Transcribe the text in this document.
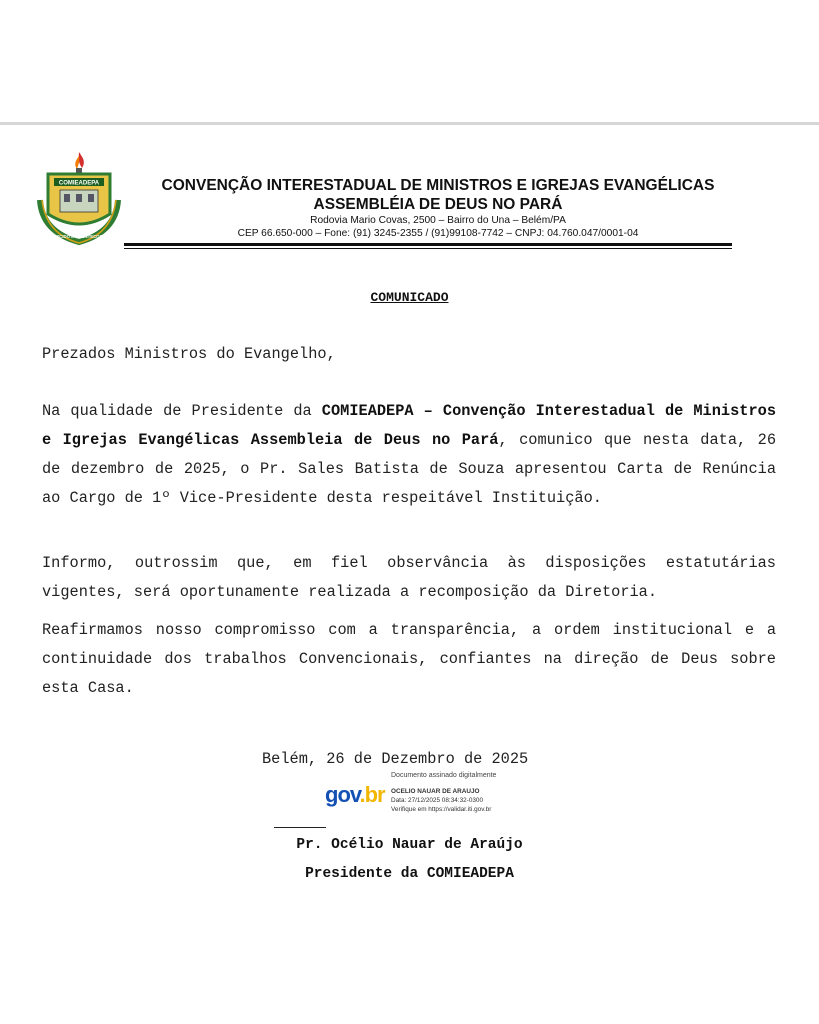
COMIEADEPA
NASCIDO DO PENTECOSTE
CONVENÇÃO INTERESTADUAL DE MINISTROS E IGREJAS EVANGÉLICAS
ASSEMBLÉIA DE DEUS NO PARÁ
Rodovia Mario Covas, 2500 – Bairro do Una – Belém/PA
CEP 66.650-000 – Fone: (91) 3245-2355 / (91)99108-7742 – CNPJ: 04.760.047/0001-04
COMUNICADO
Prezados Ministros do Evangelho,

Na qualidade de Presidente da COMIEADEPA – Convenção Interestadual de Ministros e Igrejas Evangélicas Assembleia de Deus no Pará, comunico que nesta data, 26 de dezembro de 2025, o Pr. Sales Batista de Souza apresentou Carta de Renúncia ao Cargo de 1º Vice-Presidente desta respeitável Instituição.

Informo, outrossim que, em fiel observância às disposições estatutárias vigentes, será oportunamente realizada a recomposição da Diretoria.

Reafirmamos nosso compromisso com a transparência, a ordem institucional e a continuidade dos trabalhos Convencionais, confiantes na direção de Deus sobre esta Casa.

Belém, 26 de Dezembro de 2025
Documento assinado digitalmente
gov.br OCELIO NAUAR DE ARAUJO
Data: 27/12/2025 08:34:32-0300
Verifique em https://validar.iti.gov.br
Pr. Océlio Nauar de Araújo
Presidente da COMIEADEPA
